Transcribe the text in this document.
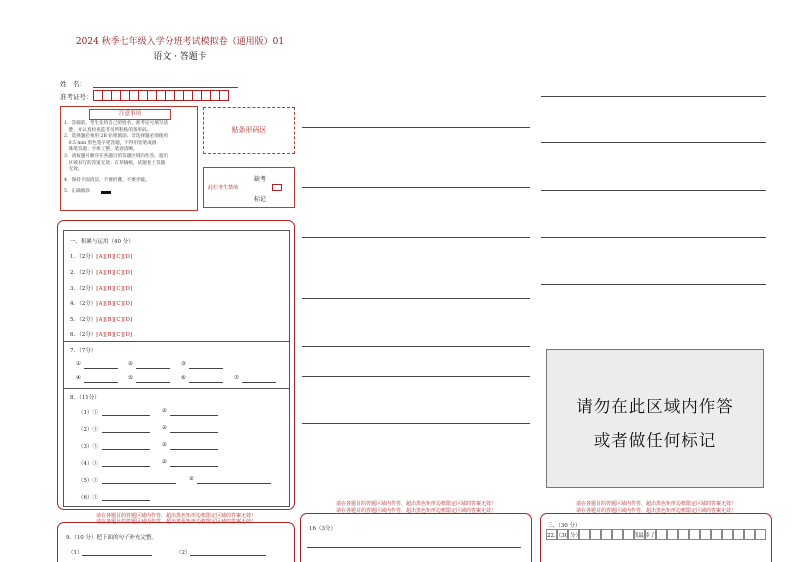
2024 秋季七年级入学分班考试模拟卷（通用版）01
语文 · 答题卡
姓　名：
准考证号：
注意事项
1．答题前，考生先将自己的姓名、准考证号填写清
　楚，并认真检查监考员所粘贴的条形码。
2．选择题必须用 2B 铅笔填涂；非选择题必须使用
　0.5 mm 黑色签字笔答题，不得用铅笔或圆
　珠笔答题；字体工整、笔迹清晰。
3．请按题号顺序在各题目的答题区域内作答，超出
　区域书写的答案无效；在草稿纸、试题卷上答题
　无效。
4．保持卡面清洁，不要折叠、不要弄破。
5．正确填涂
贴条形码区
缺考
此栏考生禁填
标记
一、积累与运用（40 分）
1．（2分）[A][B][C][D]
2．（2分）[A][B][C][D]
3．（2分）[A][B][C][D]
4．（2分）[A][B][C][D]
5．（2分）[A][B][C][D]
6．（2分）[A][B][C][D]
7．（7分）
①	②	③
④	⑤	⑥	⑦
8．（11分）
（1）①	②
（2）①	②
（3）①	②
（4）①	②
（5）①	②
（6）①
请在各题目的答题区域内作答，超出黑色矩形边框限定区域的答案无效！
请在各题目的答题区域内作答，超出黑色矩形边框限定区域的答案无效！
9.（10 分）把下面的句子补充完整。
（1）	（2）
请在各题目的答题区域内作答，超出黑色矩形边框限定区域的答案无效！
请在各题目的答题区域内作答，超出黑色矩形边框限定区域的答案无效！
16（3分）
请勿在此区域内作答
或者做任何标记
请在各题目的答题区域内作答，超出黑色矩形边框限定区域的答案无效！
请在各题目的答题区域内作答，超出黑色矩形边框限定区域的答案无效！
三、（30 分）
22.（30 分）	我最棒了
